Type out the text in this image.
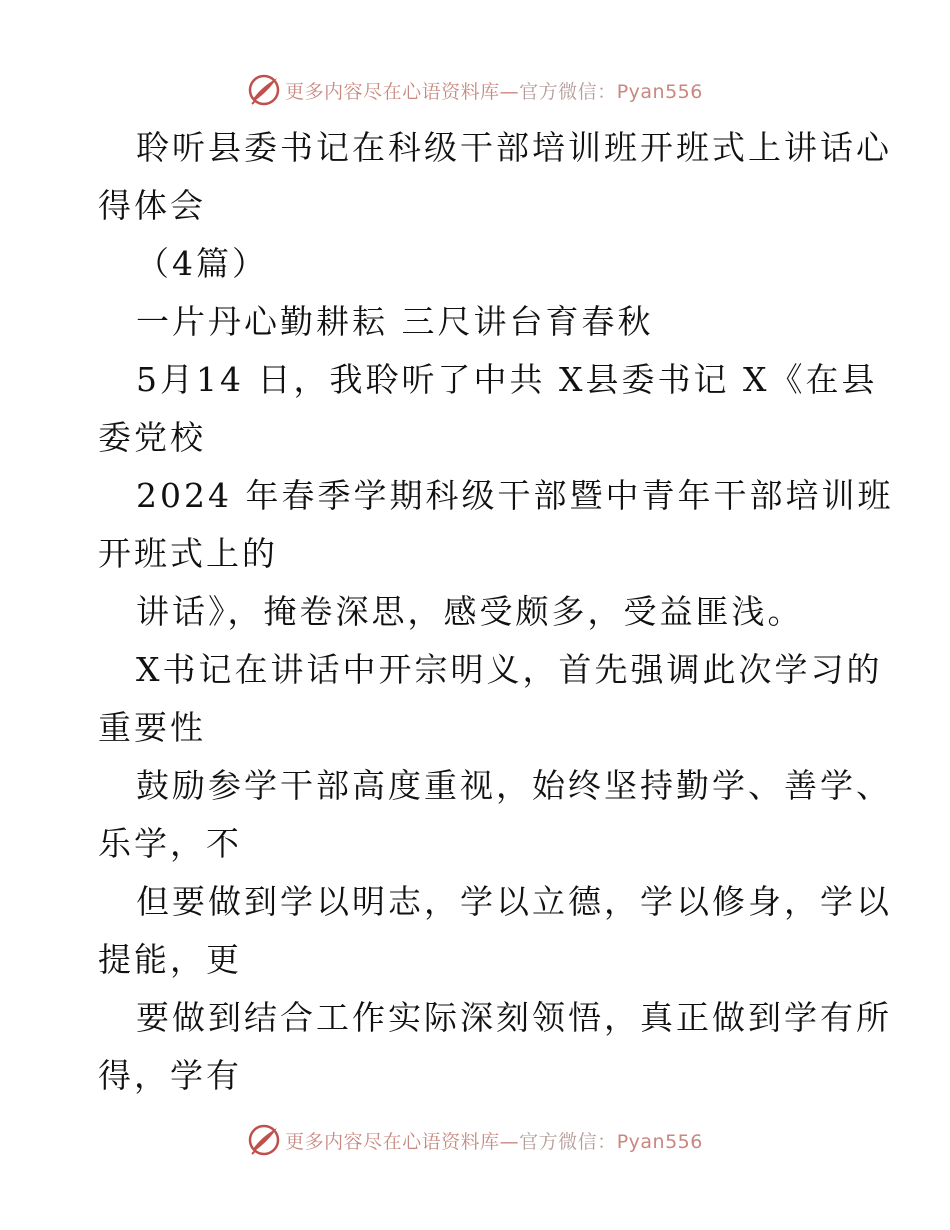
更多内容尽在心语资料库—官方微信：Pyan556
聆听县委书记在科级干部培训班开班式上讲话心
得体会
（4篇）
一片丹心勤耕耘 三尺讲台育春秋
5月14 日，我聆听了中共 X县委书记 X《在县
委党校
2024 年春季学期科级干部暨中青年干部培训班
开班式上的
讲话》，掩卷深思，感受颇多，受益匪浅。
X书记在讲话中开宗明义，首先强调此次学习的
重要性
鼓励参学干部高度重视，始终坚持勤学、善学、
乐学，不
但要做到学以明志，学以立德，学以修身，学以
提能，更
要做到结合工作实际深刻领悟，真正做到学有所
得，学有
更多内容尽在心语资料库—官方微信：Pyan556
